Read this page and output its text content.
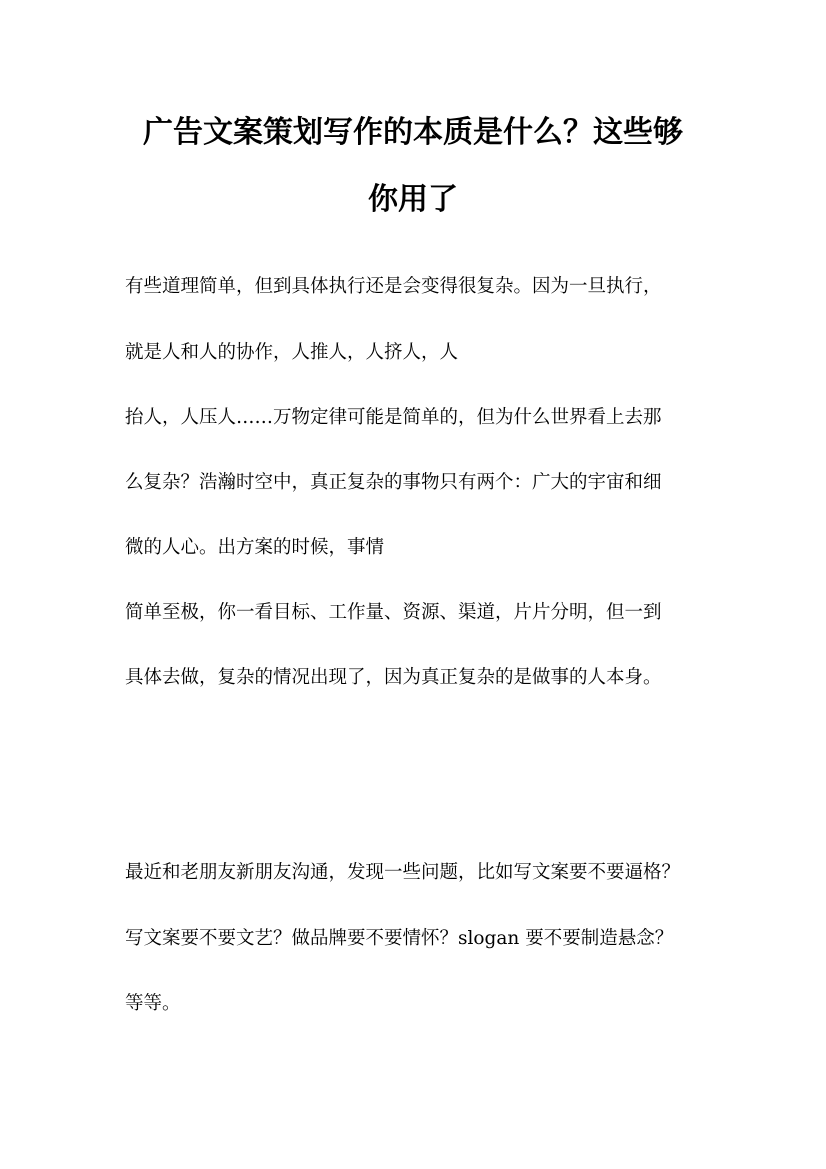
广告文案策划写作的本质是什么？这些够
你用了
有些道理简单，但到具体执行还是会变得很复杂。因为一旦执行，
就是人和人的协作，人推人，人挤人，人
抬人，人压人……万物定律可能是简单的，但为什么世界看上去那
么复杂？浩瀚时空中，真正复杂的事物只有两个：广大的宇宙和细
微的人心。出方案的时候，事情
简单至极，你一看目标、工作量、资源、渠道，片片分明，但一到
具体去做，复杂的情况出现了，因为真正复杂的是做事的人本身。
最近和老朋友新朋友沟通，发现一些问题，比如写文案要不要逼格？
写文案要不要文艺？做品牌要不要情怀？slogan 要不要制造悬念？
等等。
